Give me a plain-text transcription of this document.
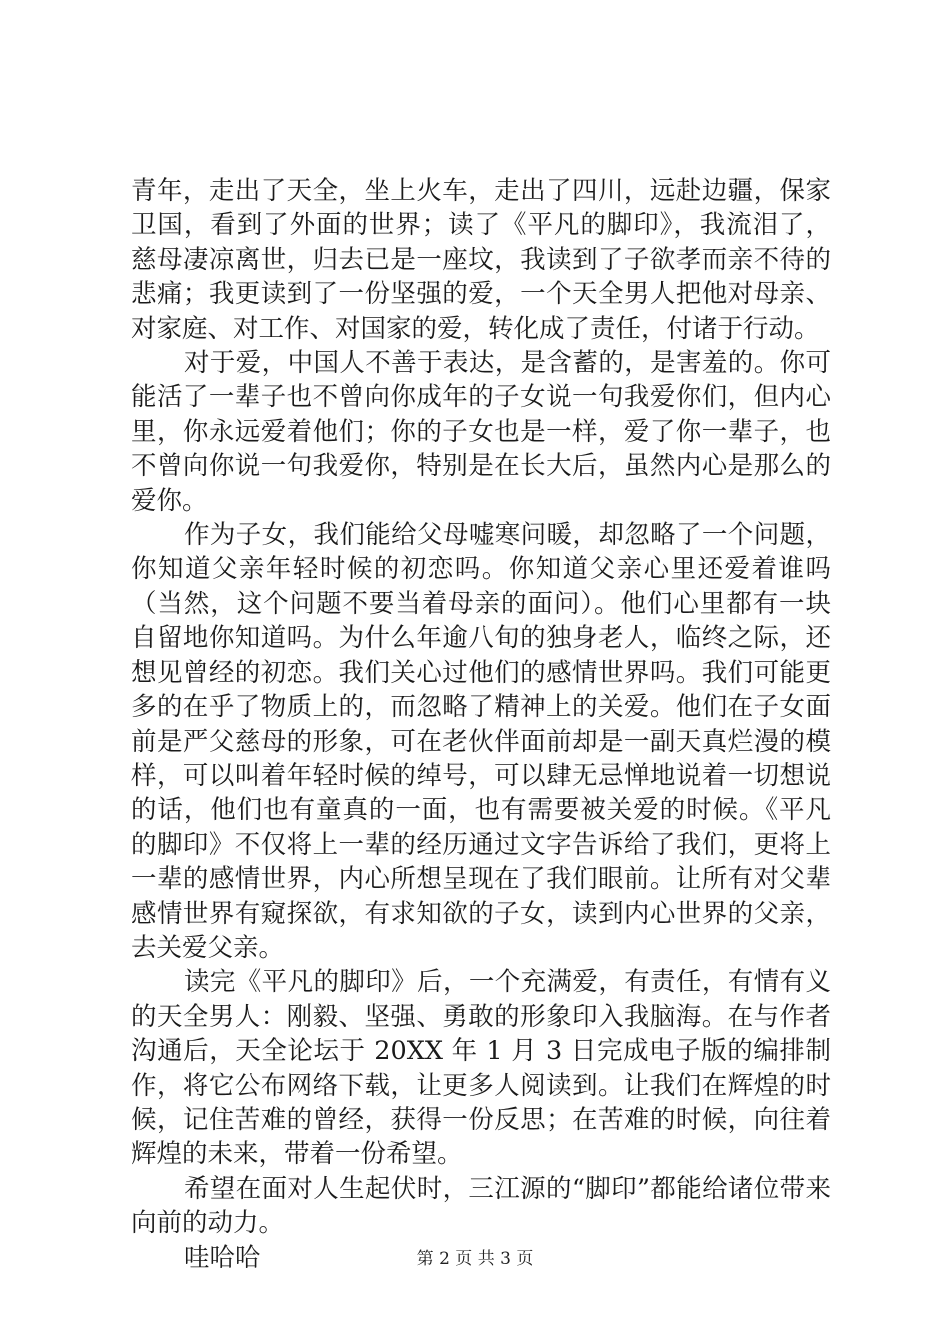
青年，走出了天全，坐上火车，走出了四川，远赴边疆，保家卫国，看到了外面的世界；读了《平凡的脚印》，我流泪了，慈母凄凉离世，归去已是一座坟，我读到了子欲孝而亲不待的悲痛；我更读到了一份坚强的爱，一个天全男人把他对母亲、对家庭、对工作、对国家的爱，转化成了责任，付诸于行动。

对于爱，中国人不善于表达，是含蓄的，是害羞的。你可能活了一辈子也不曾向你成年的子女说一句我爱你们，但内心里，你永远爱着他们；你的子女也是一样，爱了你一辈子，也不曾向你说一句我爱你，特别是在长大后，虽然内心是那么的爱你。

作为子女，我们能给父母嘘寒问暖，却忽略了一个问题，你知道父亲年轻时候的初恋吗。你知道父亲心里还爱着谁吗（当然，这个问题不要当着母亲的面问）。他们心里都有一块自留地你知道吗。为什么年逾八旬的独身老人，临终之际，还想见曾经的初恋。我们关心过他们的感情世界吗。我们可能更多的在乎了物质上的，而忽略了精神上的关爱。他们在子女面前是严父慈母的形象，可在老伙伴面前却是一副天真烂漫的模样，可以叫着年轻时候的绰号，可以肆无忌惮地说着一切想说的话，他们也有童真的一面，也有需要被关爱的时候。《平凡的脚印》不仅将上一辈的经历通过文字告诉给了我们，更将上一辈的感情世界，内心所想呈现在了我们眼前。让所有对父辈感情世界有窥探欲，有求知欲的子女，读到内心世界的父亲，去关爱父亲。

读完《平凡的脚印》后，一个充满爱，有责任，有情有义的天全男人：刚毅、坚强、勇敢的形象印入我脑海。在与作者沟通后，天全论坛于 20XX 年 1 月 3 日完成电子版的编排制作，将它公布网络下载，让更多人阅读到。让我们在辉煌的时候，记住苦难的曾经，获得一份反思；在苦难的时候，向往着辉煌的未来，带着一份希望。

希望在面对人生起伏时，三江源的“脚印”都能给诸位带来向前的动力。

哇哈哈	第 2 页 共 3 页
